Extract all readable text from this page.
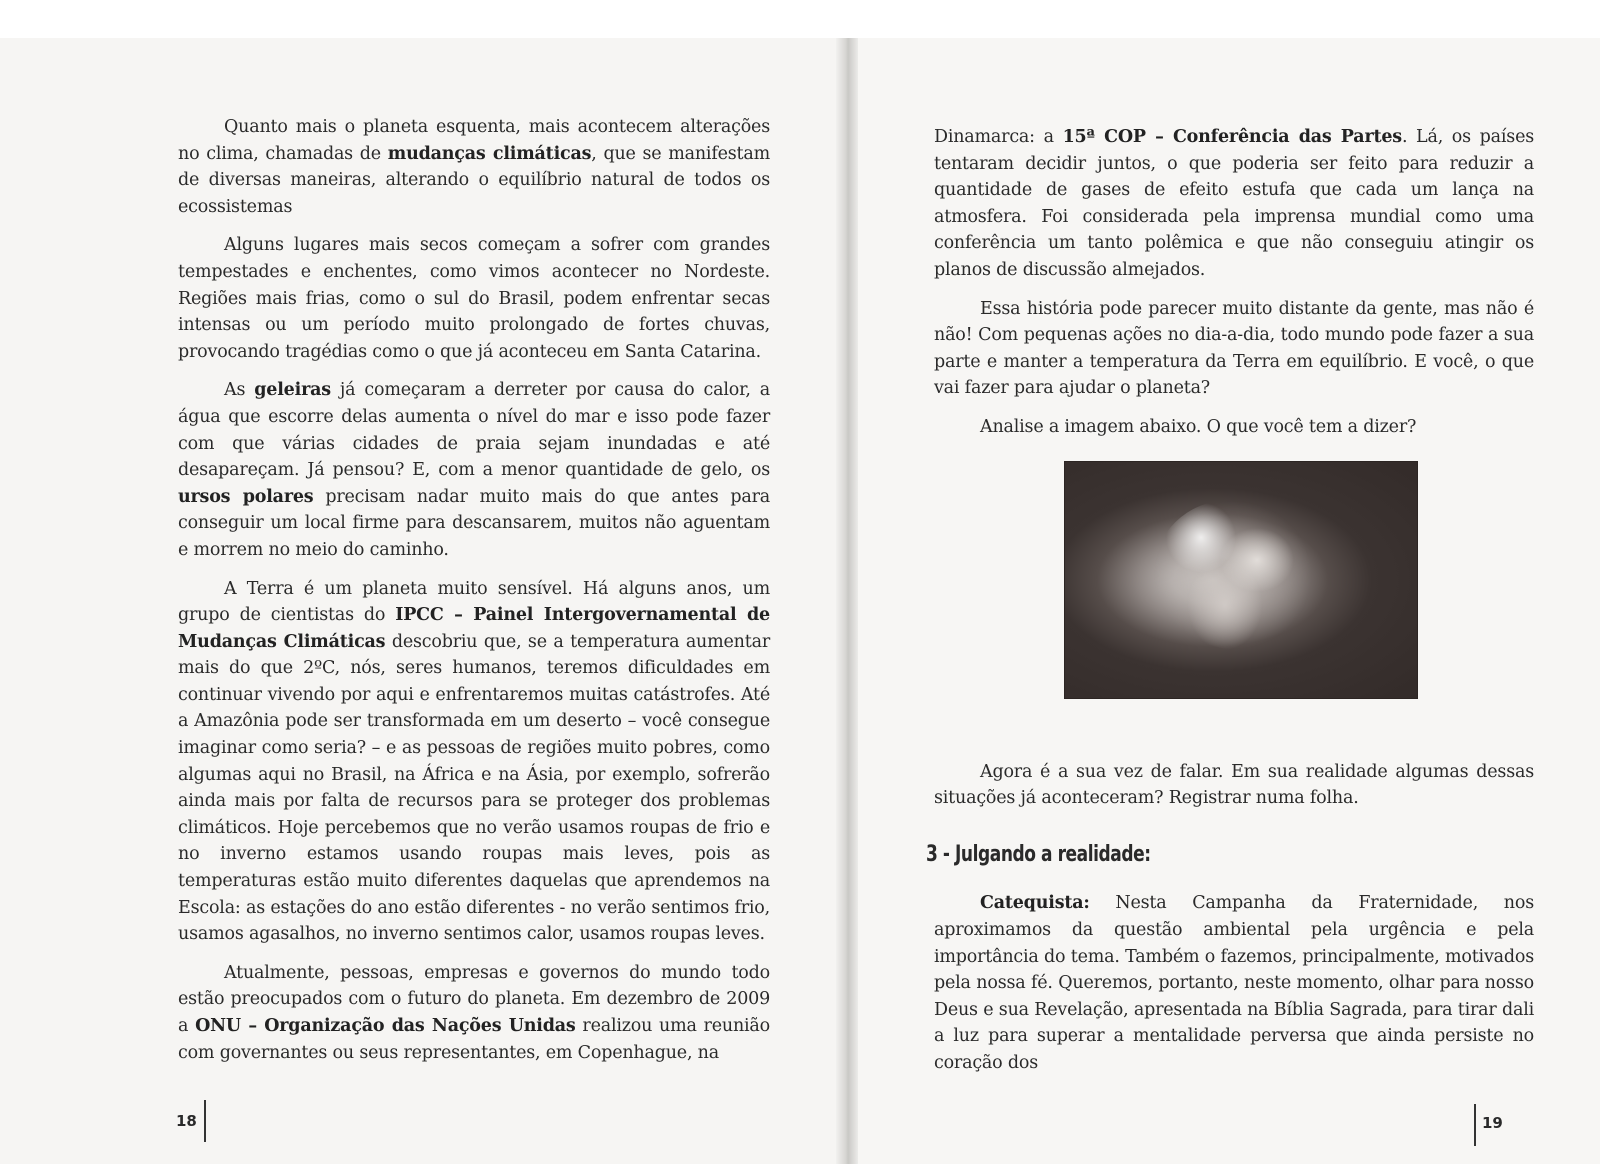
Quanto mais o planeta esquenta, mais acontecem alterações no clima, chamadas de mudanças climáticas, que se manifestam de diversas maneiras, alterando o equilíbrio natural de todos os ecossistemas

Alguns lugares mais secos começam a sofrer com grandes tempestades e enchentes, como vimos acontecer no Nordeste. Regiões mais frias, como o sul do Brasil, podem enfrentar secas intensas ou um período muito prolongado de fortes chuvas, provocando tragédias como o que já aconteceu em Santa Catarina.

As geleiras já começaram a derreter por causa do calor, a água que escorre delas aumenta o nível do mar e isso pode fazer com que várias cidades de praia sejam inundadas e até desapareçam. Já pensou? E, com a menor quantidade de gelo, os ursos polares precisam nadar muito mais do que antes para conseguir um local firme para descansarem, muitos não aguentam e morrem no meio do caminho.

A Terra é um planeta muito sensível. Há alguns anos, um grupo de cientistas do IPCC – Painel Intergovernamental de Mudanças Climáticas descobriu que, se a temperatura aumentar mais do que 2ºC, nós, seres humanos, teremos dificuldades em continuar vivendo por aqui e enfrentaremos muitas catástrofes. Até a Amazônia pode ser transformada em um deserto – você consegue imaginar como seria? – e as pessoas de regiões muito pobres, como algumas aqui no Brasil, na África e na Ásia, por exemplo, sofrerão ainda mais por falta de recursos para se proteger dos problemas climáticos. Hoje percebemos que no verão usamos roupas de frio e no inverno estamos usando roupas mais leves, pois as temperaturas estão muito diferentes daquelas que aprendemos na Escola: as estações do ano estão diferentes - no verão sentimos frio, usamos agasalhos, no inverno sentimos calor, usamos roupas leves.

Atualmente, pessoas, empresas e governos do mundo todo estão preocupados com o futuro do planeta. Em dezembro de 2009 a ONU – Organização das Nações Unidas realizou uma reunião com governantes ou seus representantes, em Copenhague, na

18

Dinamarca: a 15ª COP – Conferência das Partes. Lá, os países tentaram decidir juntos, o que poderia ser feito para reduzir a quantidade de gases de efeito estufa que cada um lança na atmosfera. Foi considerada pela imprensa mundial como uma conferência um tanto polêmica e que não conseguiu atingir os planos de discussão almejados.

Essa história pode parecer muito distante da gente, mas não é não! Com pequenas ações no dia-a-dia, todo mundo pode fazer a sua parte e manter a temperatura da Terra em equilíbrio. E você, o que vai fazer para ajudar o planeta?

Analise a imagem abaixo. O que você tem a dizer?

Agora é a sua vez de falar. Em sua realidade algumas dessas situações já aconteceram? Registrar numa folha.

3 - Julgando a realidade:

Catequista: Nesta Campanha da Fraternidade, nos aproximamos da questão ambiental pela urgência e pela importância do tema. Também o fazemos, principalmente, motivados pela nossa fé. Queremos, portanto, neste momento, olhar para nosso Deus e sua Revelação, apresentada na Bíblia Sagrada, para tirar dali a luz para superar a mentalidade perversa que ainda persiste no coração dos

19
